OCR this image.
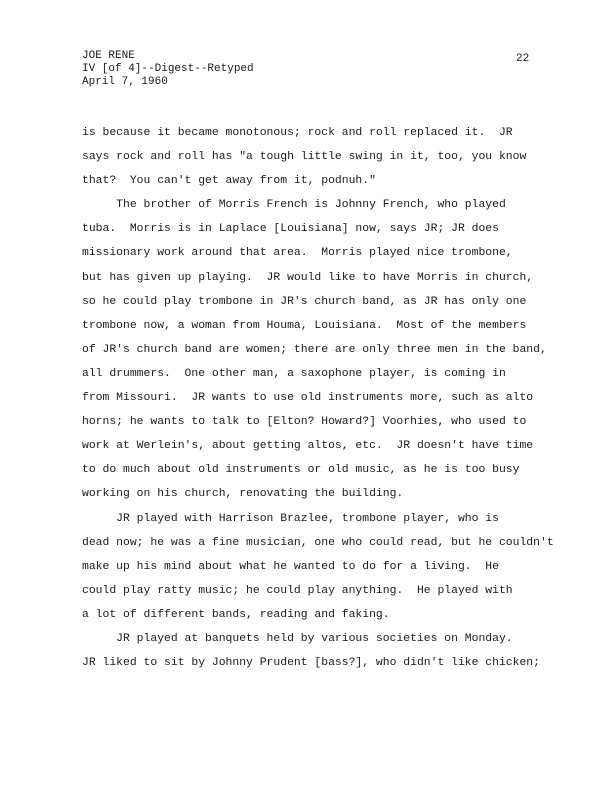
JOE RENE
IV [of 4]--Digest--Retyped
April 7, 1960
22
is because it became monotonous; rock and roll replaced it.  JR
says rock and roll has "a tough little swing in it, too, you know
that?  You can't get away from it, podnuh."
The brother of Morris French is Johnny French, who played
tuba.  Morris is in Laplace [Louisiana] now, says JR; JR does
missionary work around that area.  Morris played nice trombone,
but has given up playing.  JR would like to have Morris in church,
so he could play trombone in JR's church band, as JR has only one
trombone now, a woman from Houma, Louisiana.  Most of the members
of JR's church band are women; there are only three men in the band,
all drummers.  One other man, a saxophone player, is coming in
from Missouri.  JR wants to use old instruments more, such as alto
horns; he wants to talk to [Elton? Howard?] Voorhies, who used to
work at Werlein's, about getting altos, etc.  JR doesn't have time
to do much about old instruments or old music, as he is too busy
working on his church, renovating the building.
JR played with Harrison Brazlee, trombone player, who is
dead now; he was a fine musician, one who could read, but he couldn't
make up his mind about what he wanted to do for a living.  He
could play ratty music; he could play anything.  He played with
a lot of different bands, reading and faking.
JR played at banquets held by various societies on Monday.
JR liked to sit by Johnny Prudent [bass?], who didn't like chicken;
